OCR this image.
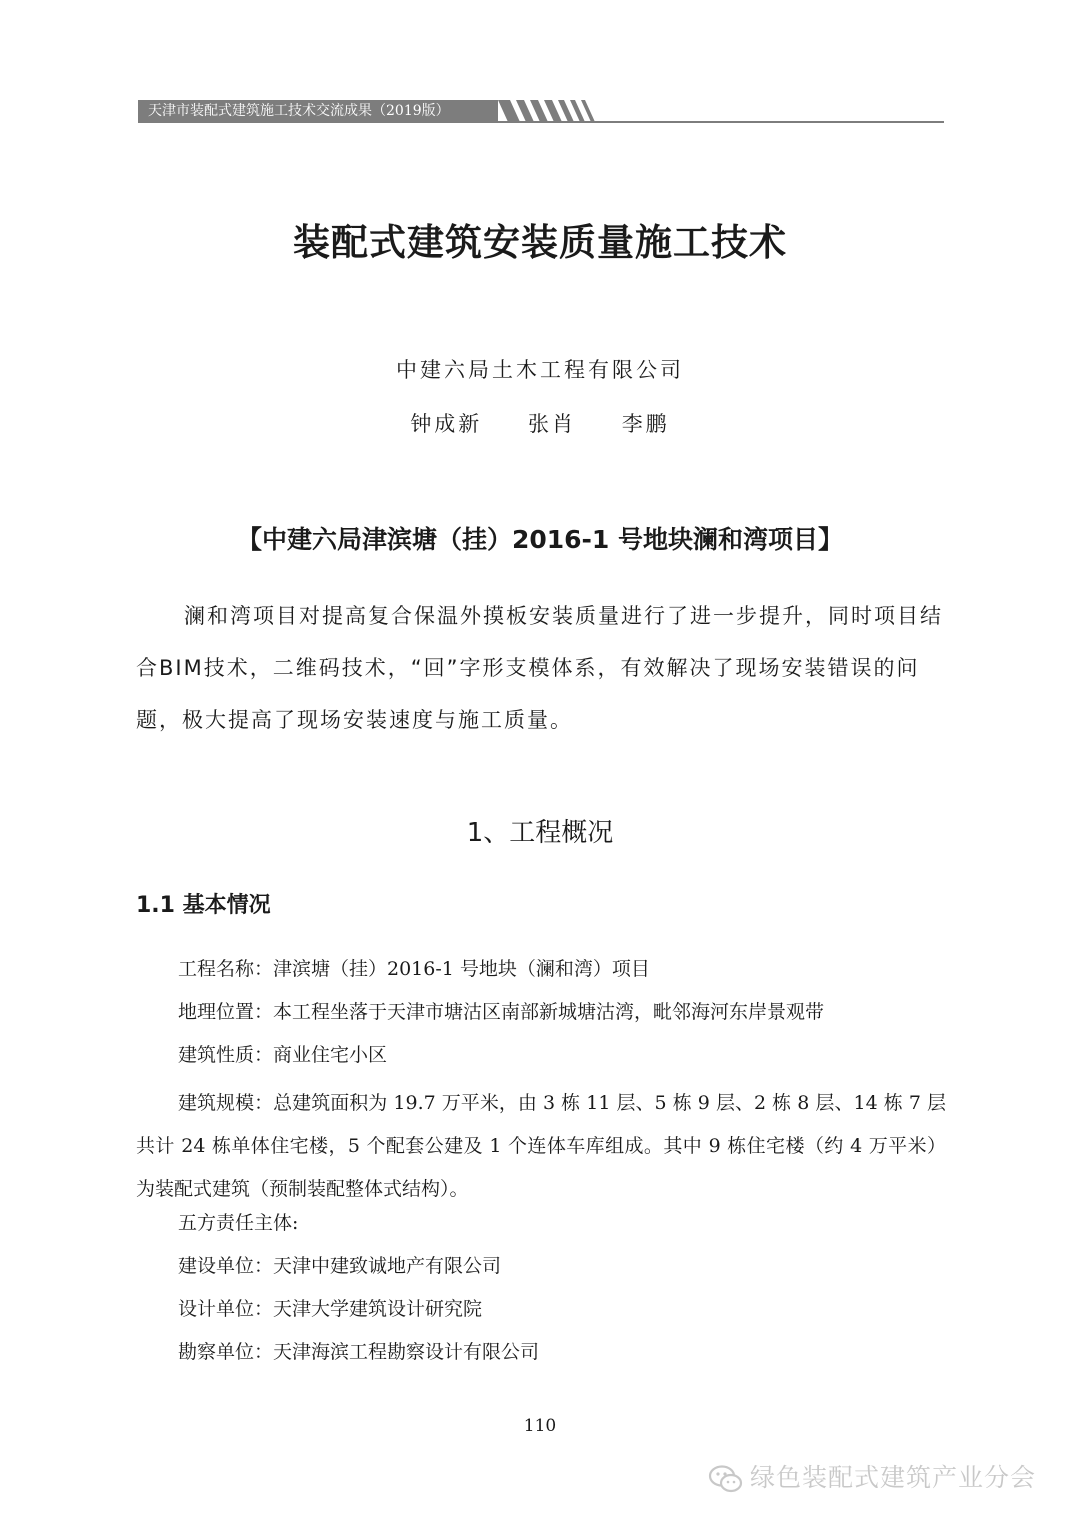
天津市装配式建筑施工技术交流成果（2019版）
装配式建筑安装质量施工技术
中建六局土木工程有限公司
钟成新 张肖 李鹏
【中建六局津滨塘（挂）2016-1 号地块澜和湾项目】
澜和湾项目对提高复合保温外摸板安装质量进行了进一步提升，同时项目结合BIM技术，二维码技术，“回”字形支模体系，有效解决了现场安装错误的问题，极大提高了现场安装速度与施工质量。
1、工程概况
1.1 基本情况
工程名称：津滨塘（挂）2016-1 号地块（澜和湾）项目
地理位置：本工程坐落于天津市塘沽区南部新城塘沽湾，毗邻海河东岸景观带
建筑性质：商业住宅小区
建筑规模：总建筑面积为 19.7 万平米，由 3 栋 11 层、5 栋 9 层、2 栋 8 层、14 栋 7 层共计 24 栋单体住宅楼，5 个配套公建及 1 个连体车库组成。其中 9 栋住宅楼（约 4 万平米）为装配式建筑（预制装配整体式结构）。
五方责任主体:
建设单位：天津中建致诚地产有限公司
设计单位：天津大学建筑设计研究院
勘察单位：天津海滨工程勘察设计有限公司
110
绿色装配式建筑产业分会
